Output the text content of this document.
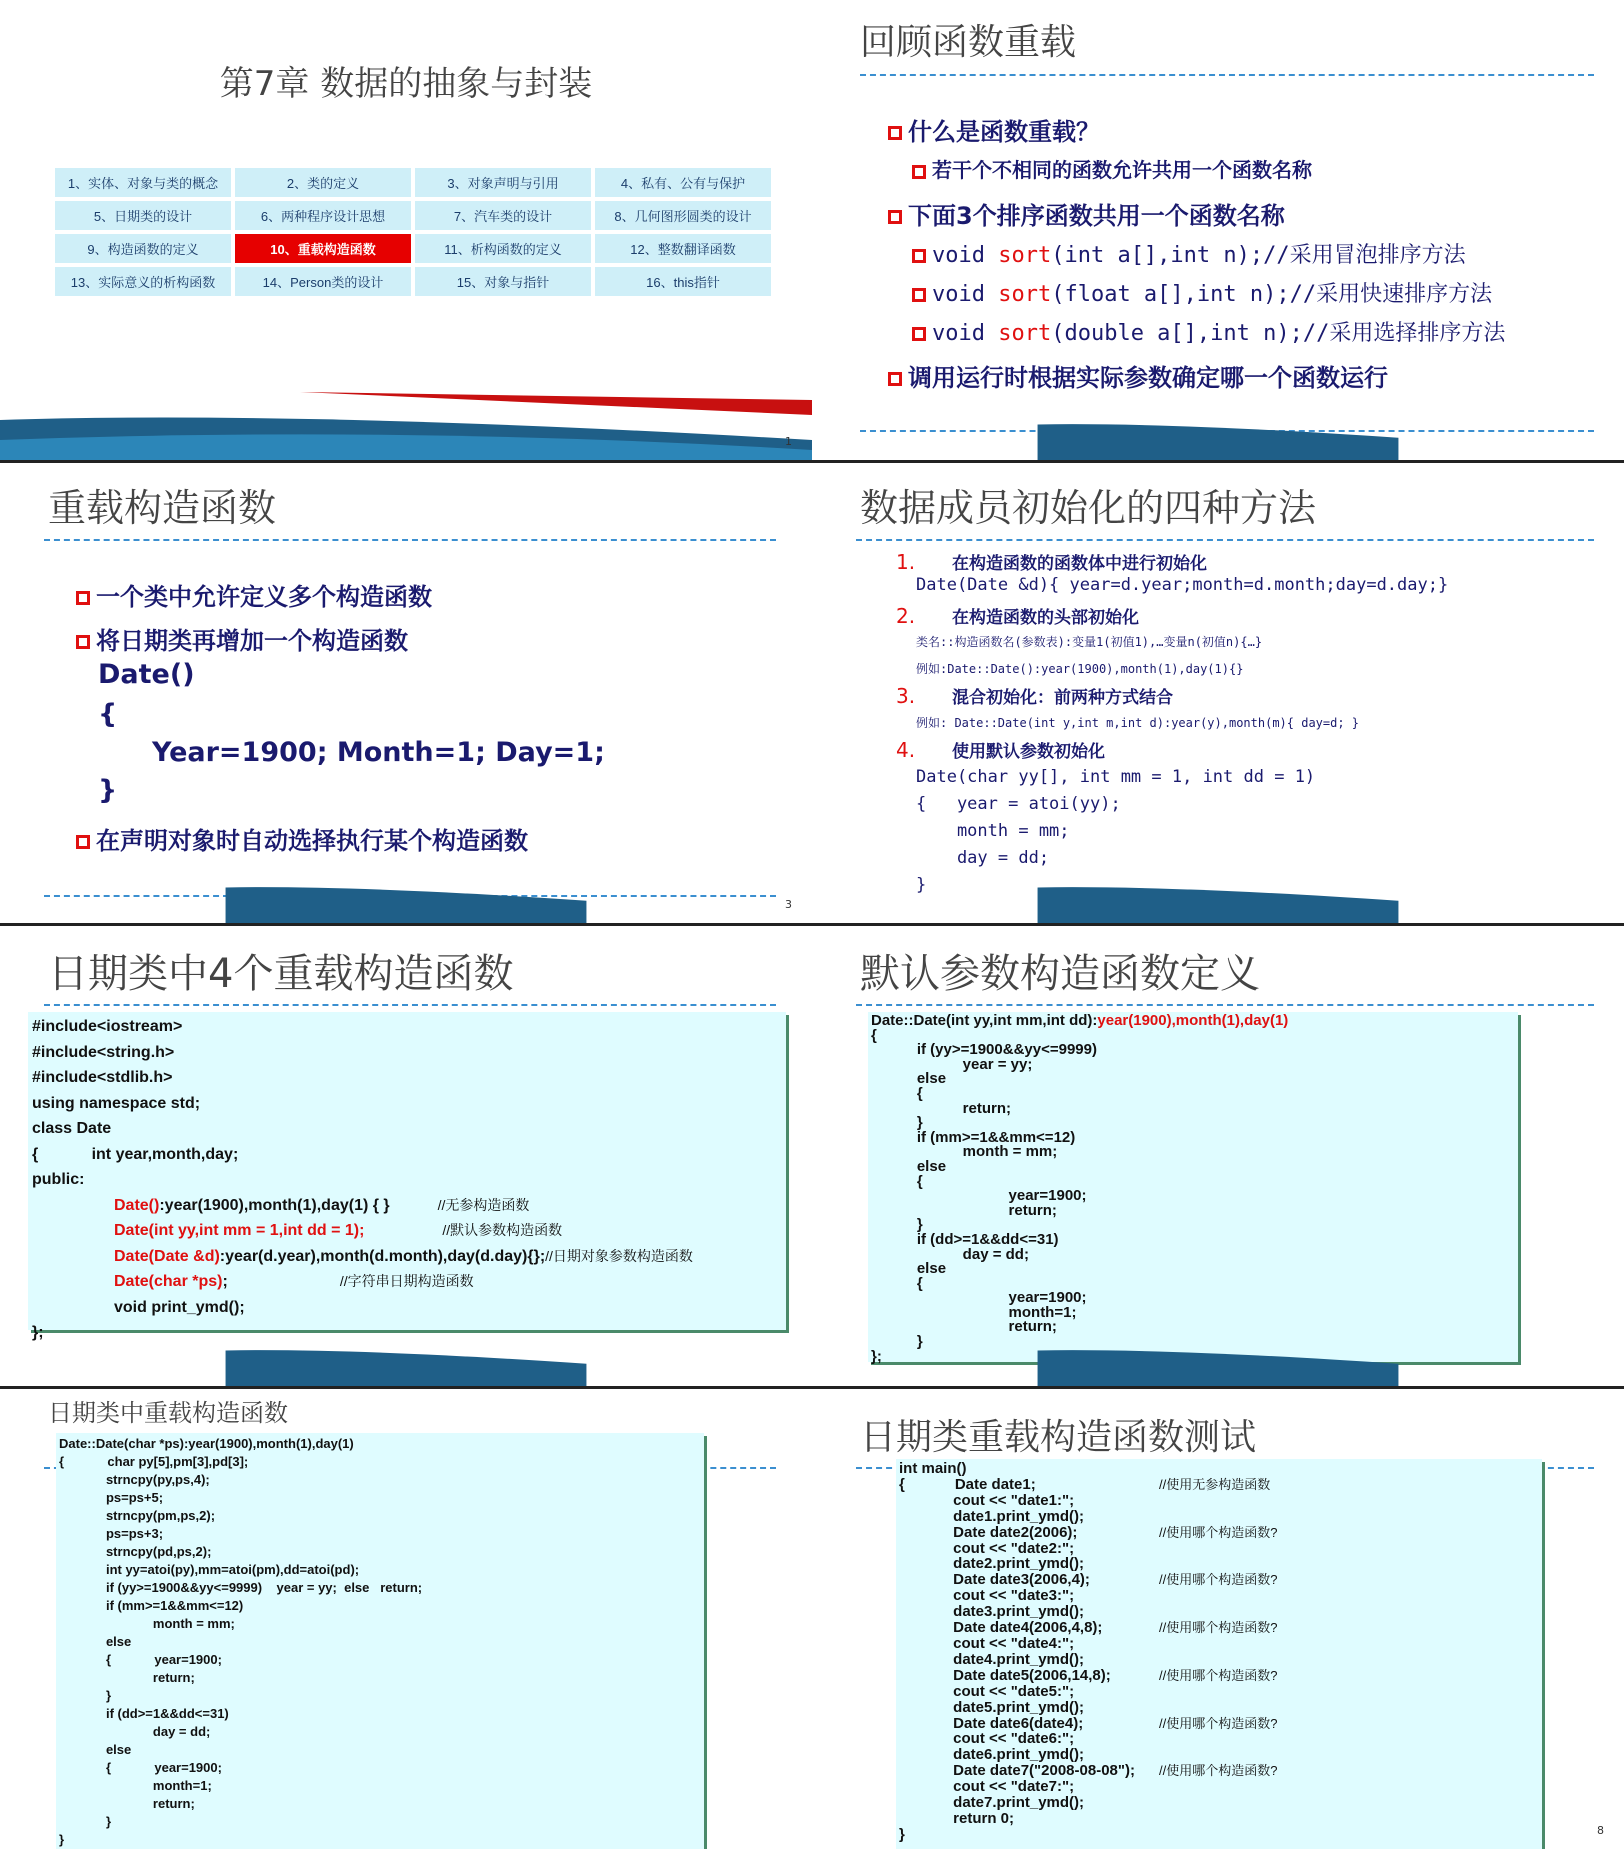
第7章 数据的抽象与封装
1、实体、对象与类的概念	2、类的定义	3、对象声明与引用	4、私有、公有与保护
5、日期类的设计	6、两种程序设计思想	7、汽车类的设计	8、几何图形圆类的设计
9、构造函数的定义	10、重载构造函数	11、析构函数的定义	12、整数翻译函数
13、实际意义的析构函数	14、Person类的设计	15、对象与指针	16、this指针
1
回顾函数重载
什么是函数重载？
若干个不相同的函数允许共用一个函数名称
下面3个排序函数共用一个函数名称
void sort(int a[],int n);//采用冒泡排序方法
void sort(float a[],int n);//采用快速排序方法
void sort(double a[],int n);//采用选择排序方法
调用运行时根据实际参数确定哪一个函数运行
重载构造函数
一个类中允许定义多个构造函数
将日期类再增加一个构造函数
Date()
{
Year=1900; Month=1; Day=1;
}
在声明对象时自动选择执行某个构造函数
3
数据成员初始化的四种方法
1. 在构造函数的函数体中进行初始化
Date(Date &d){ year=d.year;month=d.month;day=d.day;}
2. 在构造函数的头部初始化
类名::构造函数名(参数表):变量1(初值1),…变量n(初值n){…}
例如:Date::Date():year(1900),month(1),day(1){}
3. 混合初始化：前两种方式结合
例如: Date::Date(int y,int m,int d):year(y),month(m){ day=d; }
4. 使用默认参数初始化
Date(char yy[], int mm = 1, int dd = 1)
{   year = atoi(yy);
month = mm;
day = dd;
}
日期类中4个重载构造函数
#include<iostream>
#include<string.h>
#include<stdlib.h>
using namespace std;
class Date
{            int year,month,day;
public:
Date():year(1900),month(1),day(1) { }	//无参构造函数
Date(int yy,int mm = 1,int dd = 1);	//默认参数构造函数
Date(Date &d):year(d.year),month(d.month),day(d.day){};//日期对象参数构造函数
Date(char *ps);	//字符串日期构造函数
void print_ymd();
};
默认参数构造函数定义
Date::Date(int yy,int mm,int dd):year(1900),month(1),day(1)
{
if (yy>=1900&&yy<=9999)
year = yy;
else
{
return;
}
if (mm>=1&&mm<=12)
month = mm;
else
{
year=1900;
return;
}
if (dd>=1&&dd<=31)
day = dd;
else
{
year=1900;
month=1;
return;
}
};
日期类中重载构造函数
Date::Date(char *ps):year(1900),month(1),day(1)
{            char py[5],pm[3],pd[3];
strncpy(py,ps,4);
ps=ps+5;
strncpy(pm,ps,2);
ps=ps+3;
strncpy(pd,ps,2);
int yy=atoi(py),mm=atoi(pm),dd=atoi(pd);
if (yy>=1900&&yy<=9999)    year = yy;  else   return;
if (mm>=1&&mm<=12)
month = mm;
else
{            year=1900;
return;
}
if (dd>=1&&dd<=31)
day = dd;
else
{            year=1900;
month=1;
return;
}
}
日期类重载构造函数测试
int main()
{            Date date1;	//使用无参构造函数
cout << "date1:";
date1.print_ymd();
Date date2(2006);	//使用哪个构造函数?
cout << "date2:";
date2.print_ymd();
Date date3(2006,4);	//使用哪个构造函数?
cout << "date3:";
date3.print_ymd();
Date date4(2006,4,8);	//使用哪个构造函数?
cout << "date4:";
date4.print_ymd();
Date date5(2006,14,8);	//使用哪个构造函数?
cout << "date5:";
date5.print_ymd();
Date date6(date4);	//使用哪个构造函数?
cout << "date6:";
date6.print_ymd();
Date date7("2008-08-08"); //使用哪个构造函数?
cout << "date7:";
date7.print_ymd();
return 0;
}	8
